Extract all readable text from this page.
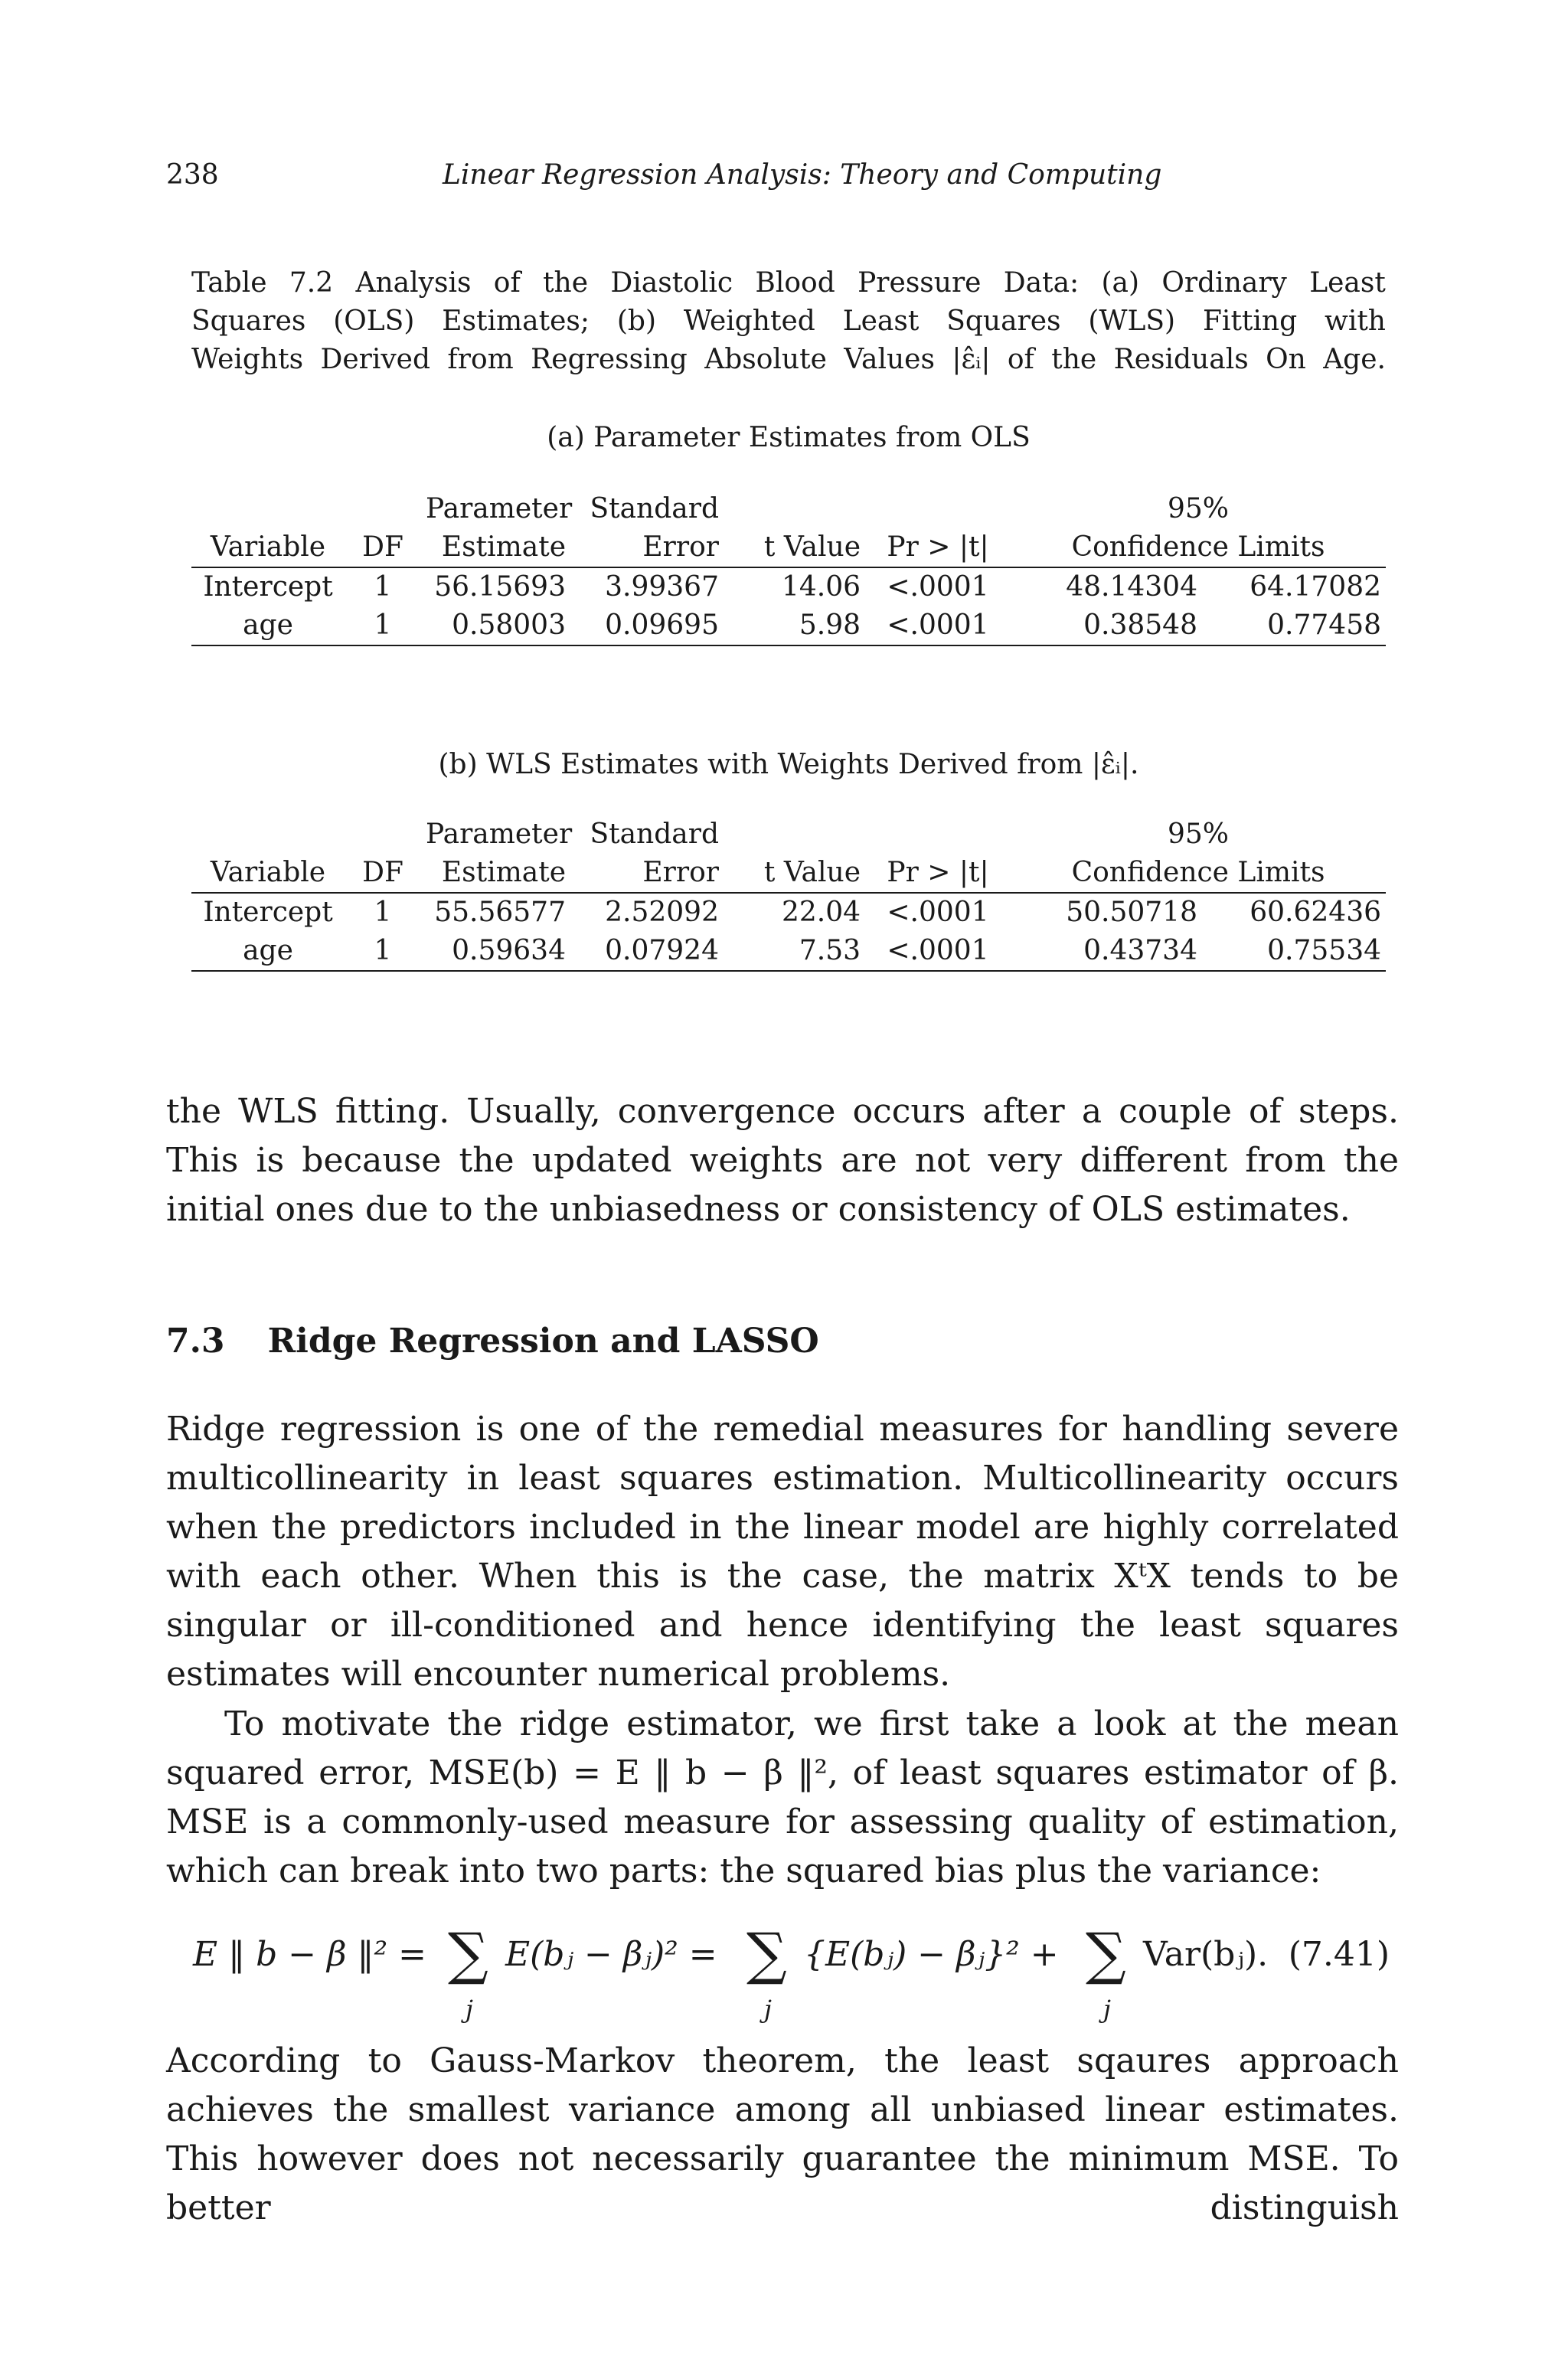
238	Linear Regression Analysis: Theory and Computing
Table 7.2 Analysis of the Diastolic Blood Pressure Data: (a) Ordinary Least
Squares (OLS) Estimates; (b) Weighted Least Squares (WLS) Fitting with
Weights Derived from Regressing Absolute Values |ε̂ᵢ| of the Residuals On Age.
(a) Parameter Estimates from OLS
		Parameter	Standard			95%	
Variable	DF	Estimate	Error	t Value	Pr > |t|	Confidence Limits	
Intercept	1	56.15693	3.99367	14.06	<.0001	48.14304	64.17082
age	1	0.58003	0.09695	5.98	<.0001	0.38548	0.77458
(b) WLS Estimates with Weights Derived from |ε̂ᵢ|.
		Parameter	Standard			95%	
Variable	DF	Estimate	Error	t Value	Pr > |t|	Confidence Limits	
Intercept	1	55.56577	2.52092	22.04	<.0001	50.50718	60.62436
age	1	0.59634	0.07924	7.53	<.0001	0.43734	0.75534

the WLS fitting. Usually, convergence occurs after a couple of steps. This is because the updated weights are not very different from the initial ones due to the unbiasedness or consistency of OLS estimates.

7.3 Ridge Regression and LASSO

Ridge regression is one of the remedial measures for handling severe multicollinearity in least squares estimation. Multicollinearity occurs when the predictors included in the linear model are highly correlated with each other. When this is the case, the matrix XᵗX tends to be singular or ill-conditioned and hence identifying the least squares estimates will encounter numerical problems.

To motivate the ridge estimator, we first take a look at the mean squared error, MSE(b) = E ‖ b − β ‖², of least squares estimator of β. MSE is a commonly-used measure for assessing quality of estimation, which can break into two parts: the squared bias plus the variance:

E ‖ b − β ‖² = ∑
j
E(bⱼ − βⱼ)² = ∑
j
{E(bⱼ) − βⱼ}² + ∑
j
Var(bⱼ). (7.41)

According to Gauss-Markov theorem, the least sqaures approach achieves the smallest variance among all unbiased linear estimates. This however does not necessarily guarantee the minimum MSE. To better distinguish
